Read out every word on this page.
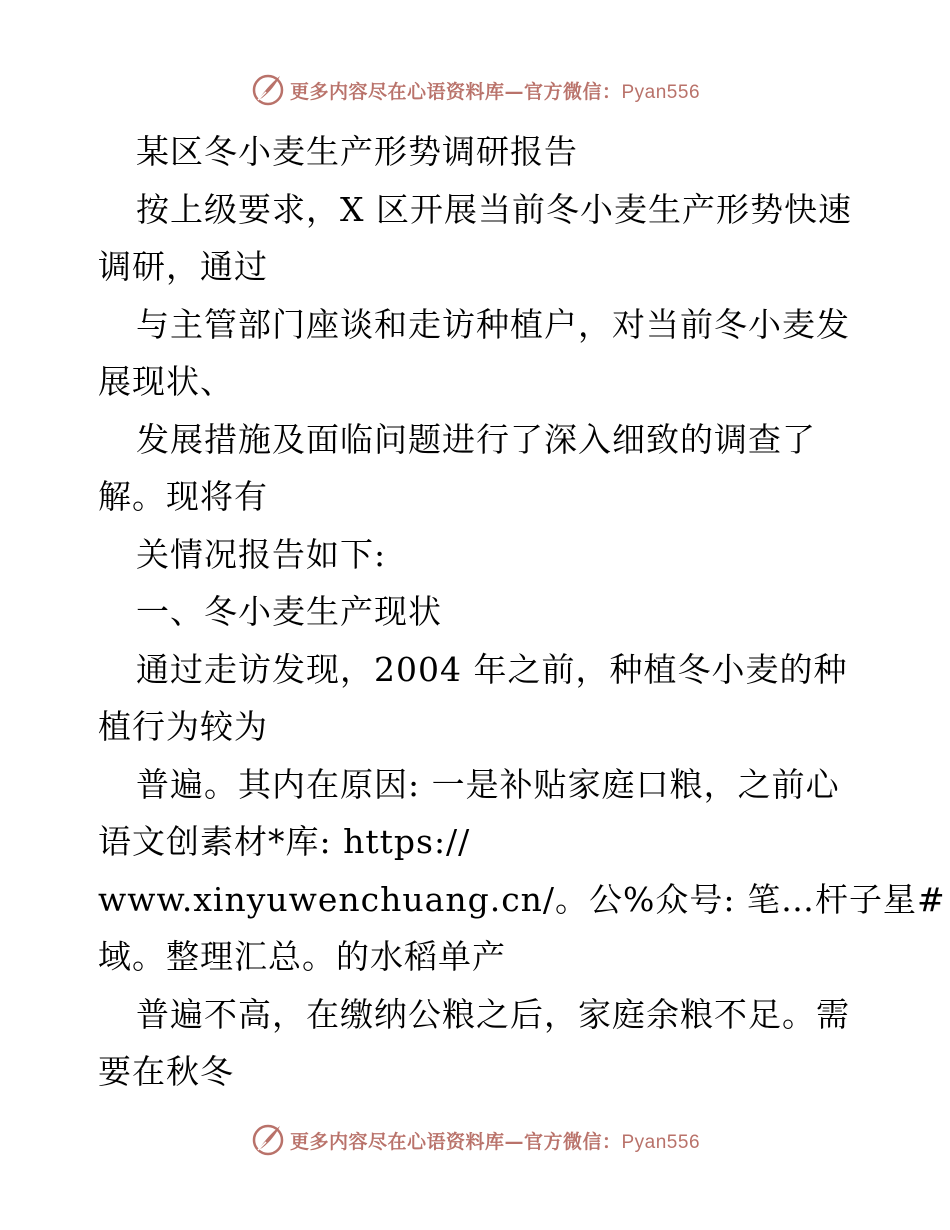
更多内容尽在心语资料库—官方微信：Pyan556
某区冬小麦生产形势调研报告
按上级要求，X 区开展当前冬小麦生产形势快速
调研，通过
与主管部门座谈和走访种植户，对当前冬小麦发
展现状、
发展措施及面临问题进行了深入细致的调查了
解。现将有
关情况报告如下:
一、冬小麦生产现状
通过走访发现，2004 年之前，种植冬小麦的种
植行为较为
普遍。其内在原因: 一是补贴家庭口粮，之前心
语文创素材*库: https://
www.xinyuwenchuang.cn/。公%众号: 笔…杆子星#
域。整理汇总。的水稻单产
普遍不高，在缴纳公粮之后，家庭余粮不足。需
要在秋冬
更多内容尽在心语资料库—官方微信：Pyan556
